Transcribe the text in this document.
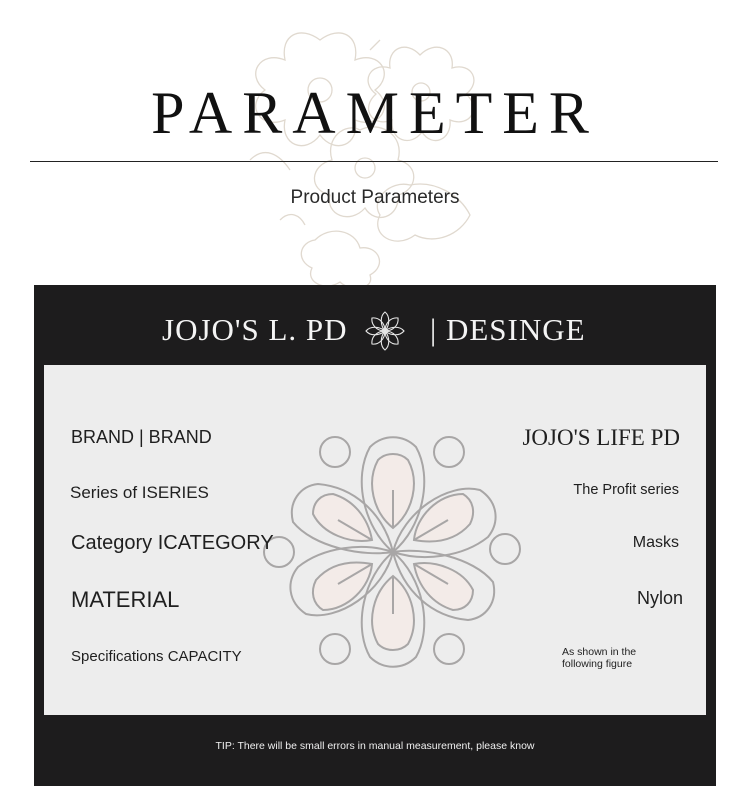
PARAMETER
Product Parameters
JOJO'S L. PD	| DESINGE
BRAND | BRAND
Series of ISERIES
Category ICATEGORY
MATERIAL
Specifications CAPACITY
JOJO'S LIFE PD
The Profit series
Masks
Nylon
As shown in the
following figure
TIP: There will be small errors in manual measurement, please know
